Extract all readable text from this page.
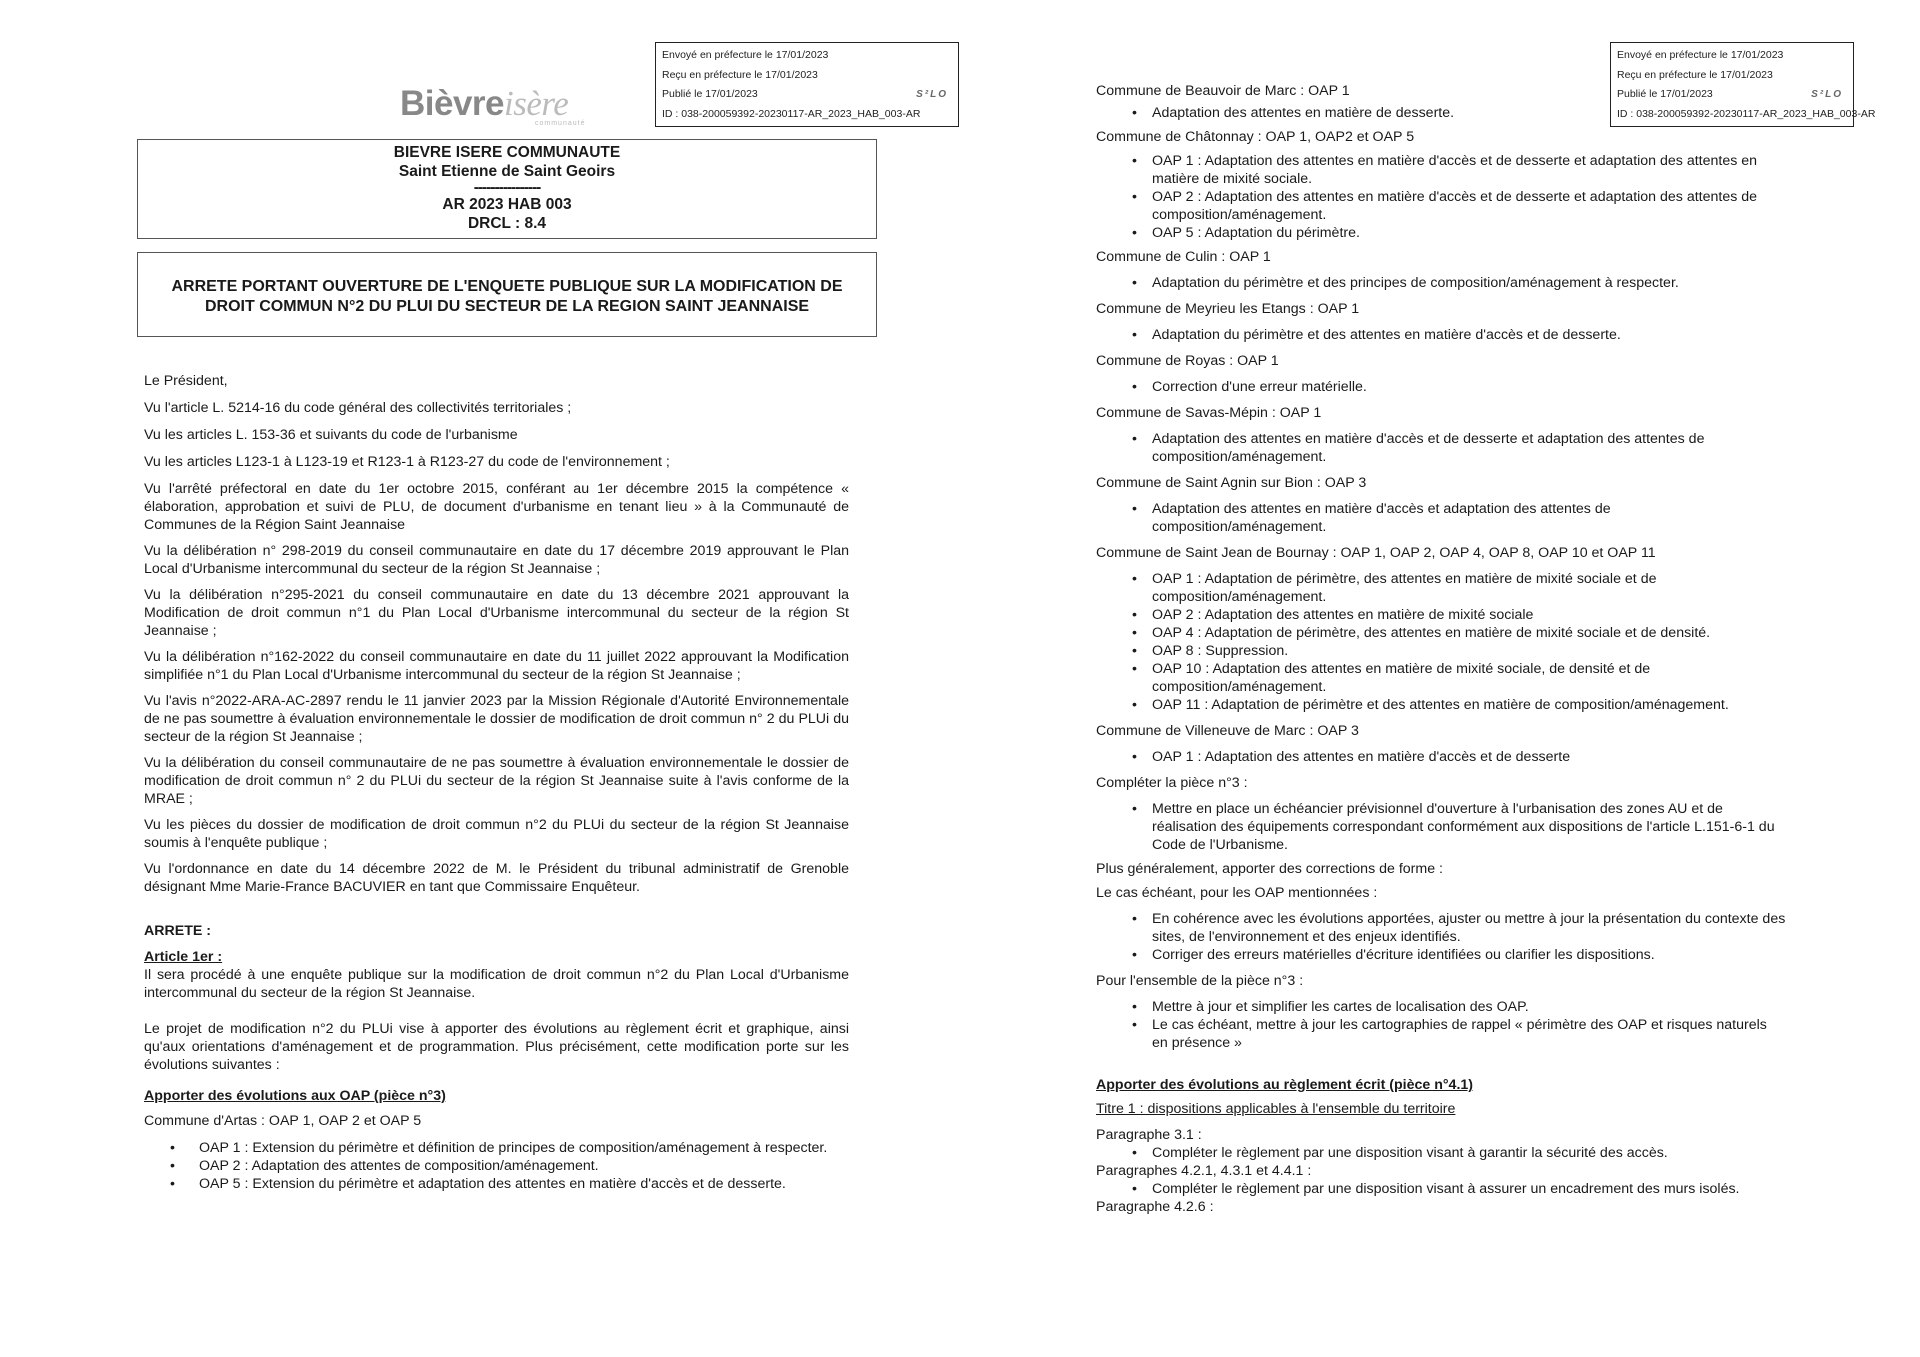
Bièvreisère
communauté
Envoyé en préfecture le 17/01/2023
Reçu en préfecture le 17/01/2023
Publié le 17/01/2023	S²LO
ID : 038-200059392-20230117-AR_2023_HAB_003-AR
BIEVRE ISERE COMMUNAUTE
Saint Etienne de Saint Geoirs
----------------
AR 2023 HAB 003
DRCL : 8.4
ARRETE PORTANT OUVERTURE DE L'ENQUETE PUBLIQUE SUR LA MODIFICATION DE
DROIT COMMUN N°2 DU PLUI DU SECTEUR DE LA REGION SAINT JEANNAISE

Le Président,

Vu l'article L. 5214-16 du code général des collectivités territoriales ;

Vu les articles L. 153-36 et suivants du code de l'urbanisme

Vu les articles L123-1 à L123-19 et R123-1 à R123-27 du code de l'environnement ;

Vu l'arrêté préfectoral en date du 1er octobre 2015, conférant au 1er décembre 2015 la compétence « élaboration, approbation et suivi de PLU, de document d'urbanisme en tenant lieu » à la Communauté de Communes de la Région Saint Jeannaise

Vu la délibération n° 298-2019 du conseil communautaire en date du 17 décembre 2019 approuvant le Plan Local d'Urbanisme intercommunal du secteur de la région St Jeannaise ;

Vu la délibération n°295-2021 du conseil communautaire en date du 13 décembre 2021 approuvant la Modification de droit commun n°1 du Plan Local d'Urbanisme intercommunal du secteur de la région St Jeannaise ;

Vu la délibération n°162-2022 du conseil communautaire en date du 11 juillet 2022 approuvant la Modification simplifiée n°1 du Plan Local d'Urbanisme intercommunal du secteur de la région St Jeannaise ;

Vu l'avis n°2022-ARA-AC-2897 rendu le 11 janvier 2023 par la Mission Régionale d'Autorité Environnementale de ne pas soumettre à évaluation environnementale le dossier de modification de droit commun n° 2 du PLUi du secteur de la région St Jeannaise ;

Vu la délibération du conseil communautaire de ne pas soumettre à évaluation environnementale le dossier de modification de droit commun n° 2 du PLUi du secteur de la région St Jeannaise suite à l'avis conforme de la MRAE ;

Vu les pièces du dossier de modification de droit commun n°2 du PLUi du secteur de la région St Jeannaise soumis à l'enquête publique ;

Vu l'ordonnance en date du 14 décembre 2022 de M. le Président du tribunal administratif de Grenoble désignant Mme Marie-France BACUVIER en tant que Commissaire Enquêteur.

ARRETE :

Article 1er :

Il sera procédé à une enquête publique sur la modification de droit commun n°2 du Plan Local d'Urbanisme intercommunal du secteur de la région St Jeannaise.

Le projet de modification n°2 du PLUi vise à apporter des évolutions au règlement écrit et graphique, ainsi qu'aux orientations d'aménagement et de programmation. Plus précisément, cette modification porte sur les évolutions suivantes :

Apporter des évolutions aux OAP (pièce n°3)

Commune d'Artas : OAP 1, OAP 2 et OAP 5

• OAP 1 : Extension du périmètre et définition de principes de composition/aménagement à respecter.

• OAP 2 : Adaptation des attentes de composition/aménagement.

• OAP 5 : Extension du périmètre et adaptation des attentes en matière d'accès et de desserte.

Envoyé en préfecture le 17/01/2023
Reçu en préfecture le 17/01/2023
Publié le 17/01/2023	S²LO
ID : 038-200059392-20230117-AR_2023_HAB_003-AR

Commune de Beauvoir de Marc : OAP 1

• Adaptation des attentes en matière de desserte.

Commune de Châtonnay : OAP 1, OAP2 et OAP 5

• OAP 1 : Adaptation des attentes en matière d'accès et de desserte et adaptation des attentes en matière de mixité sociale.

• OAP 2 : Adaptation des attentes en matière d'accès et de desserte et adaptation des attentes de composition/aménagement.

• OAP 5 : Adaptation du périmètre.

Commune de Culin : OAP 1

• Adaptation du périmètre et des principes de composition/aménagement à respecter.

Commune de Meyrieu les Etangs : OAP 1

• Adaptation du périmètre et des attentes en matière d'accès et de desserte.

Commune de Royas : OAP 1

• Correction d'une erreur matérielle.

Commune de Savas-Mépin : OAP 1

• Adaptation des attentes en matière d'accès et de desserte et adaptation des attentes de composition/aménagement.

Commune de Saint Agnin sur Bion : OAP 3

• Adaptation des attentes en matière d'accès et adaptation des attentes de composition/aménagement.

Commune de Saint Jean de Bournay : OAP 1, OAP 2, OAP 4, OAP 8, OAP 10 et OAP 11

• OAP 1 : Adaptation de périmètre, des attentes en matière de mixité sociale et de composition/aménagement.

• OAP 2 : Adaptation des attentes en matière de mixité sociale

• OAP 4 : Adaptation de périmètre, des attentes en matière de mixité sociale et de densité.

• OAP 8 : Suppression.

• OAP 10 : Adaptation des attentes en matière de mixité sociale, de densité et de composition/aménagement.

• OAP 11 : Adaptation de périmètre et des attentes en matière de composition/aménagement.

Commune de Villeneuve de Marc : OAP 3

• OAP 1 : Adaptation des attentes en matière d'accès et de desserte

Compléter la pièce n°3 :

• Mettre en place un échéancier prévisionnel d'ouverture à l'urbanisation des zones AU et de réalisation des équipements correspondant conformément aux dispositions de l'article L.151-6-1 du Code de l'Urbanisme.

Plus généralement, apporter des corrections de forme :

Le cas échéant, pour les OAP mentionnées :

• En cohérence avec les évolutions apportées, ajuster ou mettre à jour la présentation du contexte des sites, de l'environnement et des enjeux identifiés.

• Corriger des erreurs matérielles d'écriture identifiées ou clarifier les dispositions.

Pour l'ensemble de la pièce n°3 :

• Mettre à jour et simplifier les cartes de localisation des OAP.

• Le cas échéant, mettre à jour les cartographies de rappel « périmètre des OAP et risques naturels en présence »

Apporter des évolutions au règlement écrit (pièce n°4.1)

Titre 1 : dispositions applicables à l'ensemble du territoire

Paragraphe 3.1 :

• Compléter le règlement par une disposition visant à garantir la sécurité des accès.

Paragraphes 4.2.1, 4.3.1 et 4.4.1 :

• Compléter le règlement par une disposition visant à assurer un encadrement des murs isolés.

Paragraphe 4.2.6 :
